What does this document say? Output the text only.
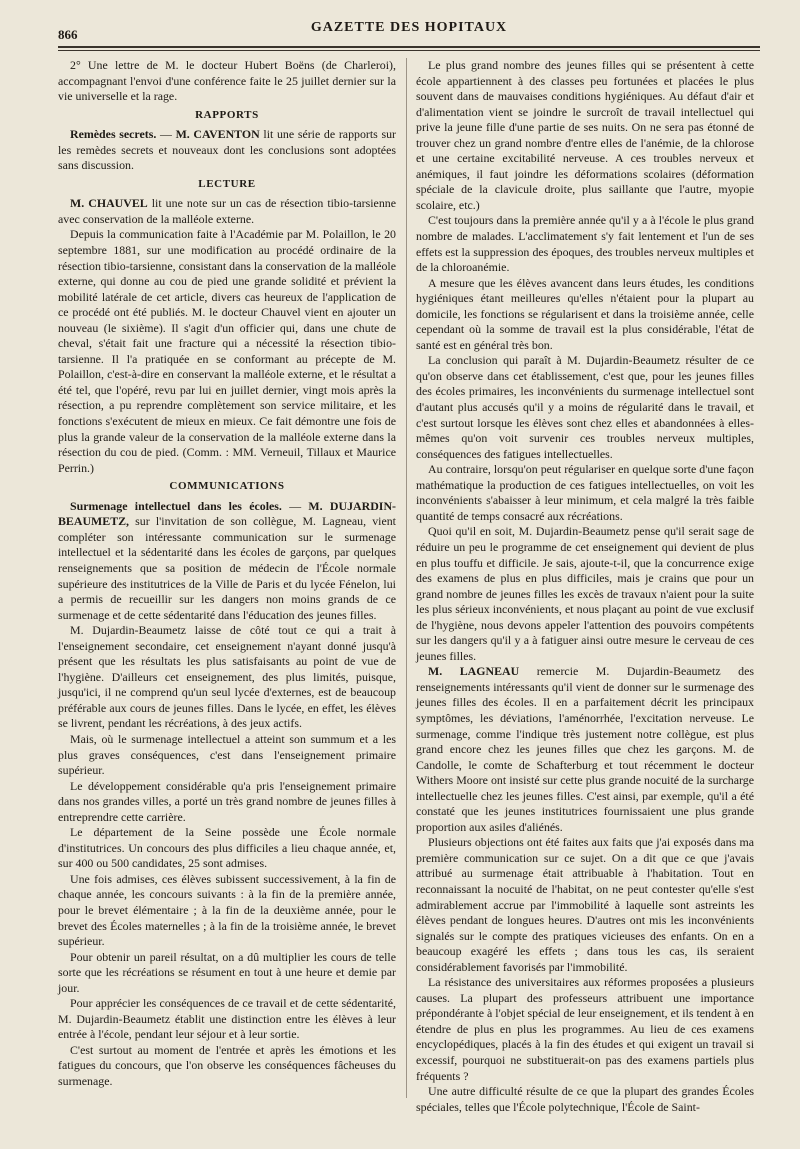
866	GAZETTE DES HOPITAUX

2° Une lettre de M. le docteur Hubert Boëns (de Charleroi), accompagnant l'envoi d'une conférence faite le 25 juillet dernier sur la vie universelle et la rage.

RAPPORTS

Remèdes secrets. — M. CAVENTON lit une série de rapports sur les remèdes secrets et nouveaux dont les conclusions sont adoptées sans discussion.

LECTURE

M. CHAUVEL lit une note sur un cas de résection tibio-tarsienne avec conservation de la malléole externe.

Depuis la communication faite à l'Académie par M. Polaillon, le 20 septembre 1881, sur une modification au procédé ordinaire de la résection tibio-tarsienne, consistant dans la conservation de la malléole externe, qui donne au cou de pied une grande solidité et prévient la mobilité latérale de cet article, divers cas heureux de l'application de ce procédé ont été publiés. M. le docteur Chauvel vient en ajouter un nouveau (le sixième). Il s'agit d'un officier qui, dans une chute de cheval, s'était fait une fracture qui a nécessité la résection tibio-tarsienne. Il l'a pratiquée en se conformant au précepte de M. Polaillon, c'est-à-dire en conservant la malléole externe, et le résultat a été tel, que l'opéré, revu par lui en juillet dernier, vingt mois après la résection, a pu reprendre complètement son service militaire, et les fonctions s'exécutent de mieux en mieux. Ce fait démontre une fois de plus la grande valeur de la conservation de la malléole externe dans la résection du cou de pied. (Comm. : MM. Verneuil, Tillaux et Maurice Perrin.)

COMMUNICATIONS

Surmenage intellectuel dans les écoles. — M. DUJARDIN-BEAUMETZ, sur l'invitation de son collègue, M. Lagneau, vient compléter son intéressante communication sur le surmenage intellectuel et la sédentarité dans les écoles de garçons, par quelques renseignements que sa position de médecin de l'École normale supérieure des institutrices de la Ville de Paris et du lycée Fénelon, lui a permis de recueillir sur les dangers non moins grands de ce surmenage et de cette sédentarité dans l'éducation des jeunes filles.

M. Dujardin-Beaumetz laisse de côté tout ce qui a trait à l'enseignement secondaire, cet enseignement n'ayant donné jusqu'à présent que les résultats les plus satisfaisants au point de vue de l'hygiène. D'ailleurs cet enseignement, des plus limités, puisque, jusqu'ici, il ne comprend qu'un seul lycée d'externes, est de beaucoup préférable aux cours de jeunes filles. Dans le lycée, en effet, les élèves se livrent, pendant les récréations, à des jeux actifs.

Mais, où le surmenage intellectuel a atteint son summum et a les plus graves conséquences, c'est dans l'enseignement primaire supérieur.

Le développement considérable qu'a pris l'enseignement primaire dans nos grandes villes, a porté un très grand nombre de jeunes filles à entreprendre cette carrière.

Le département de la Seine possède une École normale d'institutrices. Un concours des plus difficiles a lieu chaque année, et, sur 400 ou 500 candidates, 25 sont admises.

Une fois admises, ces élèves subissent successivement, à la fin de chaque année, les concours suivants : à la fin de la première année, pour le brevet élémentaire ; à la fin de la deuxième année, pour le brevet des Écoles maternelles ; à la fin de la troisième année, le brevet supérieur.

Pour obtenir un pareil résultat, on a dû multiplier les cours de telle sorte que les récréations se résument en tout à une heure et demie par jour.

Pour apprécier les conséquences de ce travail et de cette sédentarité, M. Dujardin-Beaumetz établit une distinction entre les élèves à leur entrée à l'école, pendant leur séjour et à leur sortie.

C'est surtout au moment de l'entrée et après les émotions et les fatigues du concours, que l'on observe les conséquences fâcheuses du surmenage.

Le plus grand nombre des jeunes filles qui se présentent à cette école appartiennent à des classes peu fortunées et placées le plus souvent dans de mauvaises conditions hygiéniques. Au défaut d'air et d'alimentation vient se joindre le surcroît de travail intellectuel qui prive la jeune fille d'une partie de ses nuits. On ne sera pas étonné de trouver chez un grand nombre d'entre elles de l'anémie, de la chlorose et une certaine excitabilité nerveuse. A ces troubles nerveux et anémiques, il faut joindre les déformations scolaires (déformation spéciale de la clavicule droite, plus saillante que l'autre, myopie scolaire, etc.)

C'est toujours dans la première année qu'il y a à l'école le plus grand nombre de malades. L'acclimatement s'y fait lentement et l'un de ses effets est la suppression des époques, des troubles nerveux multiples et de la chloroanémie.

A mesure que les élèves avancent dans leurs études, les conditions hygiéniques étant meilleures qu'elles n'étaient pour la plupart au domicile, les fonctions se régularisent et dans la troisième année, celle cependant où la somme de travail est la plus considérable, l'état de santé est en général très bon.

La conclusion qui paraît à M. Dujardin-Beaumetz résulter de ce qu'on observe dans cet établissement, c'est que, pour les jeunes filles des écoles primaires, les inconvénients du surmenage intellectuel sont d'autant plus accusés qu'il y a moins de régularité dans le travail, et c'est surtout lorsque les élèves sont chez elles et abandonnées à elles-mêmes qu'on voit survenir ces troubles nerveux multiples, conséquences des fatigues intellectuelles.

Au contraire, lorsqu'on peut régulariser en quelque sorte d'une façon mathématique la production de ces fatigues intellectuelles, on voit les inconvénients s'abaisser à leur minimum, et cela malgré la très faible quantité de temps consacré aux récréations.

Quoi qu'il en soit, M. Dujardin-Beaumetz pense qu'il serait sage de réduire un peu le programme de cet enseignement qui devient de plus en plus touffu et difficile. Je sais, ajoute-t-il, que la concurrence exige des examens de plus en plus difficiles, mais je crains que pour un grand nombre de jeunes filles les excès de travaux n'aient pour la suite les plus sérieux inconvénients, et nous plaçant au point de vue exclusif de l'hygiène, nous devons appeler l'attention des pouvoirs compétents sur les dangers qu'il y a à fatiguer ainsi outre mesure le cerveau de ces jeunes filles.

M. LAGNEAU remercie M. Dujardin-Beaumetz des renseignements intéressants qu'il vient de donner sur le surmenage des jeunes filles des écoles. Il en a parfaitement décrit les principaux symptômes, les déviations, l'aménorrhée, l'excitation nerveuse. Le surmenage, comme l'indique très justement notre collègue, est plus grand encore chez les jeunes filles que chez les garçons. M. de Candolle, le comte de Schafterburg et tout récemment le docteur Withers Moore ont insisté sur cette plus grande nocuité de la surcharge intellectuelle chez les jeunes filles. C'est ainsi, par exemple, qu'il a été constaté que les jeunes institutrices fournissaient une plus grande proportion aux asiles d'aliénés.

Plusieurs objections ont été faites aux faits que j'ai exposés dans ma première communication sur ce sujet. On a dit que ce que j'avais attribué au surmenage était attribuable à l'habitation. Tout en reconnaissant la nocuité de l'habitat, on ne peut contester qu'elle s'est admirablement accrue par l'immobilité à laquelle sont astreints les élèves pendant de longues heures. D'autres ont mis les inconvénients signalés sur le compte des pratiques vicieuses des enfants. On en a beaucoup exagéré les effets ; dans tous les cas, ils seraient considérablement favorisés par l'immobilité.

La résistance des universitaires aux réformes proposées a plusieurs causes. La plupart des professeurs attribuent une importance prépondérante à l'objet spécial de leur enseignement, et ils tendent à en étendre de plus en plus les programmes. Au lieu de ces examens encyclopédiques, placés à la fin des études et qui exigent un travail si excessif, pourquoi ne substituerait-on pas des examens partiels plus fréquents ?

Une autre difficulté résulte de ce que la plupart des grandes Écoles spéciales, telles que l'École polytechnique, l'École de Saint-
